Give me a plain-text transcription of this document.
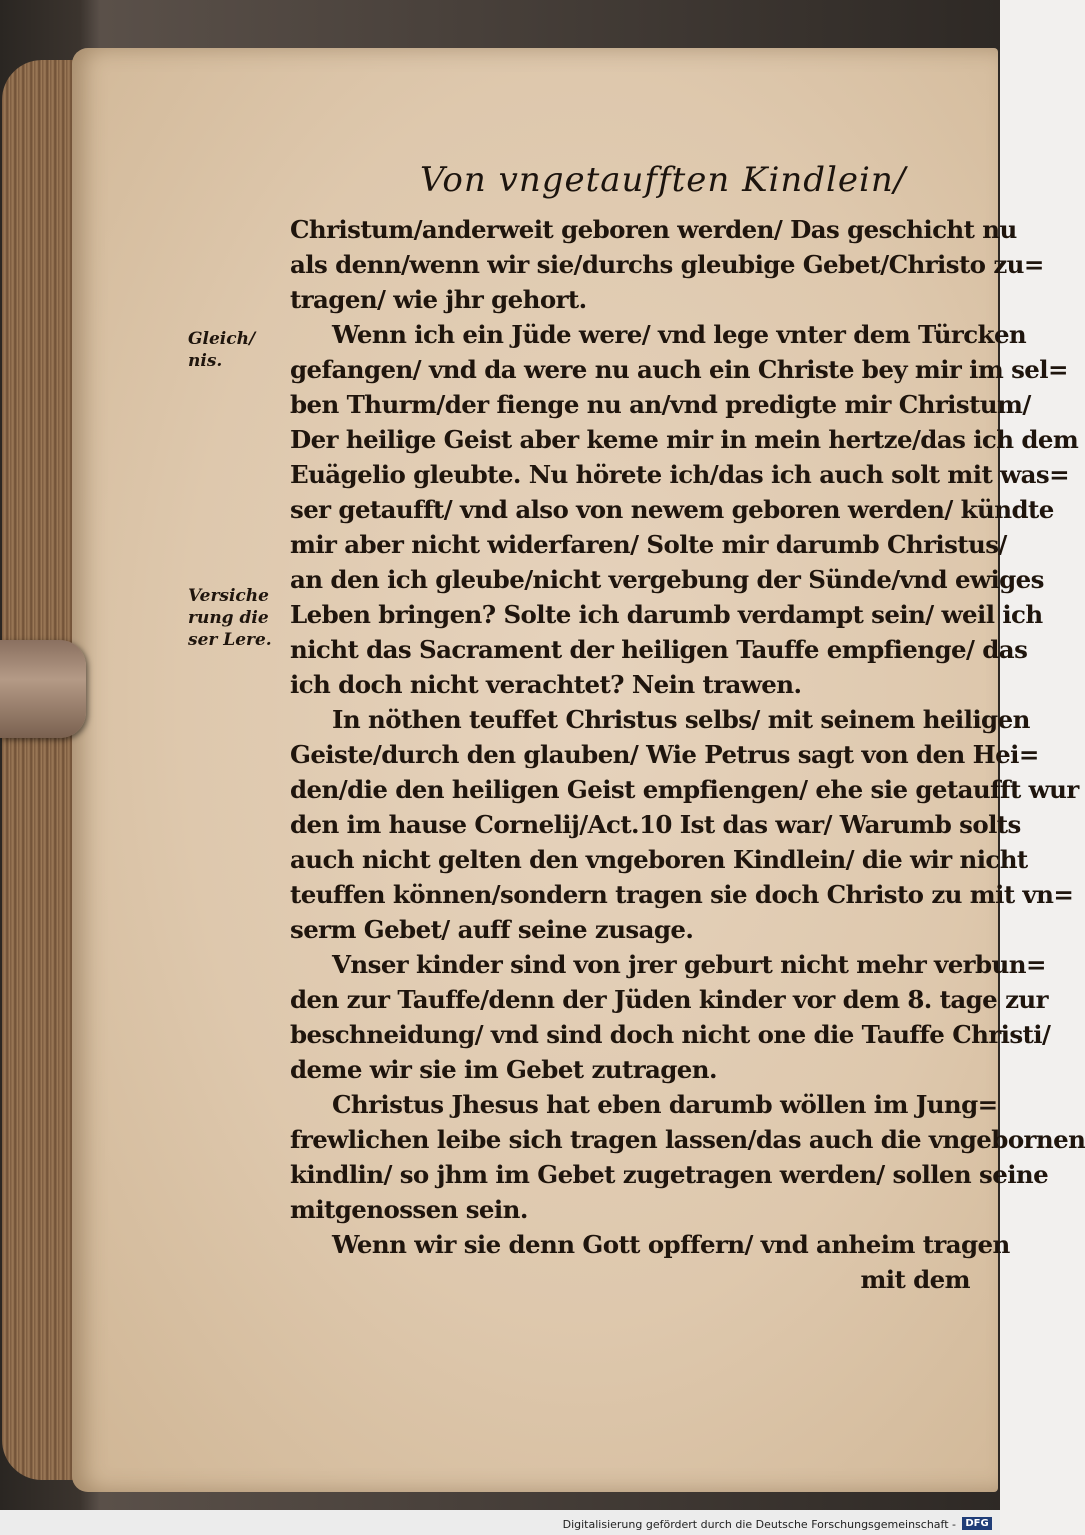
Von vngetaufften Kindlein/
Gleich/
nis.
Versiche
rung die
ser Lere.
Christum/anderweit geboren werden/ Das geschicht nu
als denn/wenn wir sie/durchs gleubige Gebet/Christo zu=
tragen/ wie jhr gehort.
Wenn ich ein Jüde were/ vnd lege vnter dem Türcken
gefangen/ vnd da were nu auch ein Christe bey mir im sel=
ben Thurm/der fienge nu an/vnd predigte mir Christum/
Der heilige Geist aber keme mir in mein hertze/das ich dem
Euägelio gleubte. Nu hörete ich/das ich auch solt mit was=
ser getaufft/ vnd also von newem geboren werden/ kündte
mir aber nicht widerfaren/ Solte mir darumb Christus/
an den ich gleube/nicht vergebung der Sünde/vnd ewiges
Leben bringen? Solte ich darumb verdampt sein/ weil ich
nicht das Sacrament der heiligen Tauffe empfienge/ das
ich doch nicht verachtet? Nein trawen.
In nöthen teuffet Christus selbs/ mit seinem heiligen
Geiste/durch den glauben/ Wie Petrus sagt von den Hei=
den/die den heiligen Geist empfiengen/ ehe sie getaufft wur
den im hause Cornelij/Act.10 Ist das war/ Warumb solts
auch nicht gelten den vngeboren Kindlein/ die wir nicht
teuffen können/sondern tragen sie doch Christo zu mit vn=
serm Gebet/ auff seine zusage.
Vnser kinder sind von jrer geburt nicht mehr verbun=
den zur Tauffe/denn der Jüden kinder vor dem 8. tage zur
beschneidung/ vnd sind doch nicht one die Tauffe Christi/
deme wir sie im Gebet zutragen.
Christus Jhesus hat eben darumb wöllen im Jung=
frewlichen leibe sich tragen lassen/das auch die vngebornen
kindlin/ so jhm im Gebet zugetragen werden/ sollen seine
mitgenossen sein.
Wenn wir sie denn Gott opffern/ vnd anheim tragen
mit dem
Digitalisierung gefördert durch die Deutsche Forschungsgemeinschaft - DFG
